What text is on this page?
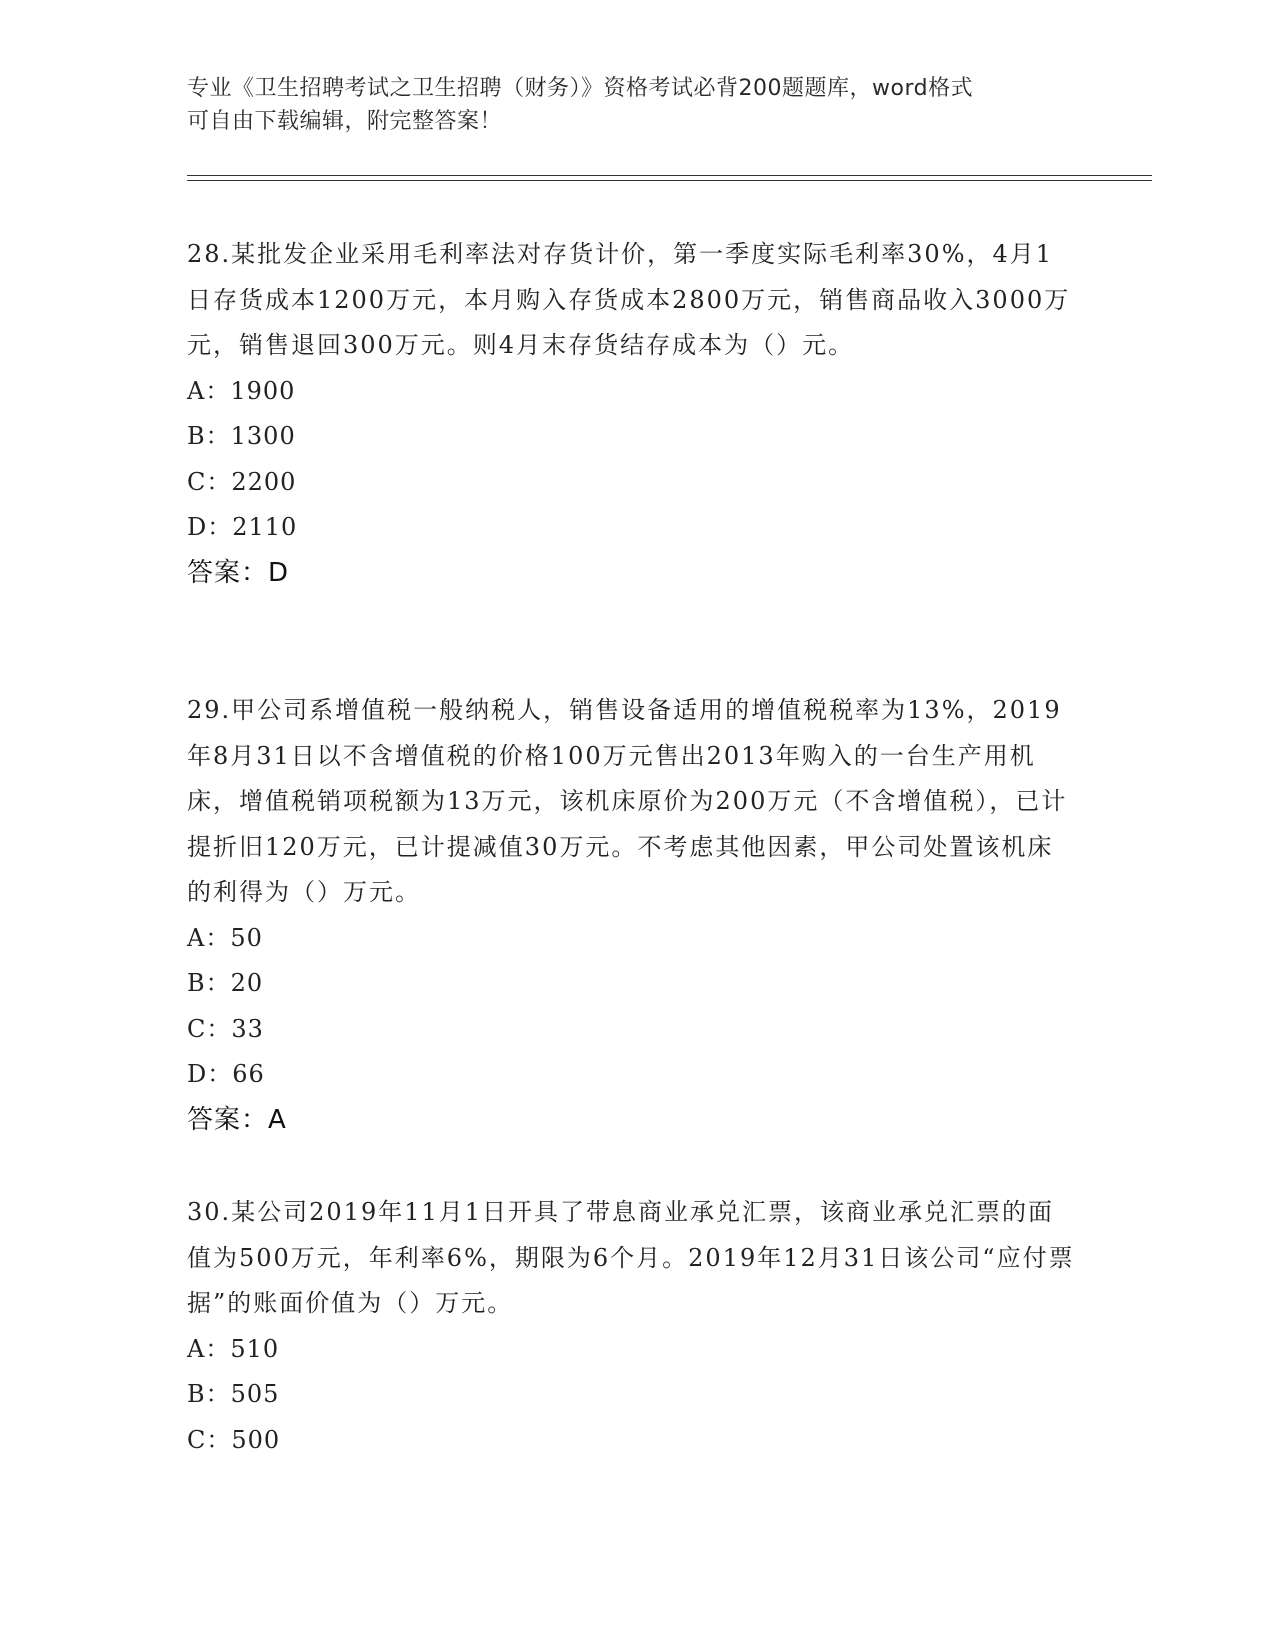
专业《卫生招聘考试之卫生招聘（财务）》资格考试必背200题题库，word格式
可自由下载编辑，附完整答案！

28.某批发企业采用毛利率法对存货计价，第一季度实际毛利率30%，4月1日存货成本1200万元，本月购入存货成本2800万元，销售商品收入3000万元，销售退回300万元。则4月末存货结存成本为（）元。

A：1900
B：1300
C：2200
D：2110
答案：D

29.甲公司系增值税一般纳税人，销售设备适用的增值税税率为13%，2019年8月31日以不含增值税的价格100万元售出2013年购入的一台生产用机床，增值税销项税额为13万元，该机床原价为200万元（不含增值税），已计提折旧120万元，已计提减值30万元。不考虑其他因素，甲公司处置该机床的利得为（）万元。

A：50
B：20
C：33
D：66
答案：A

30.某公司2019年11月1日开具了带息商业承兑汇票，该商业承兑汇票的面值为500万元，年利率6%，期限为6个月。2019年12月31日该公司“应付票据”的账面价值为（）万元。

A：510
B：505
C：500
